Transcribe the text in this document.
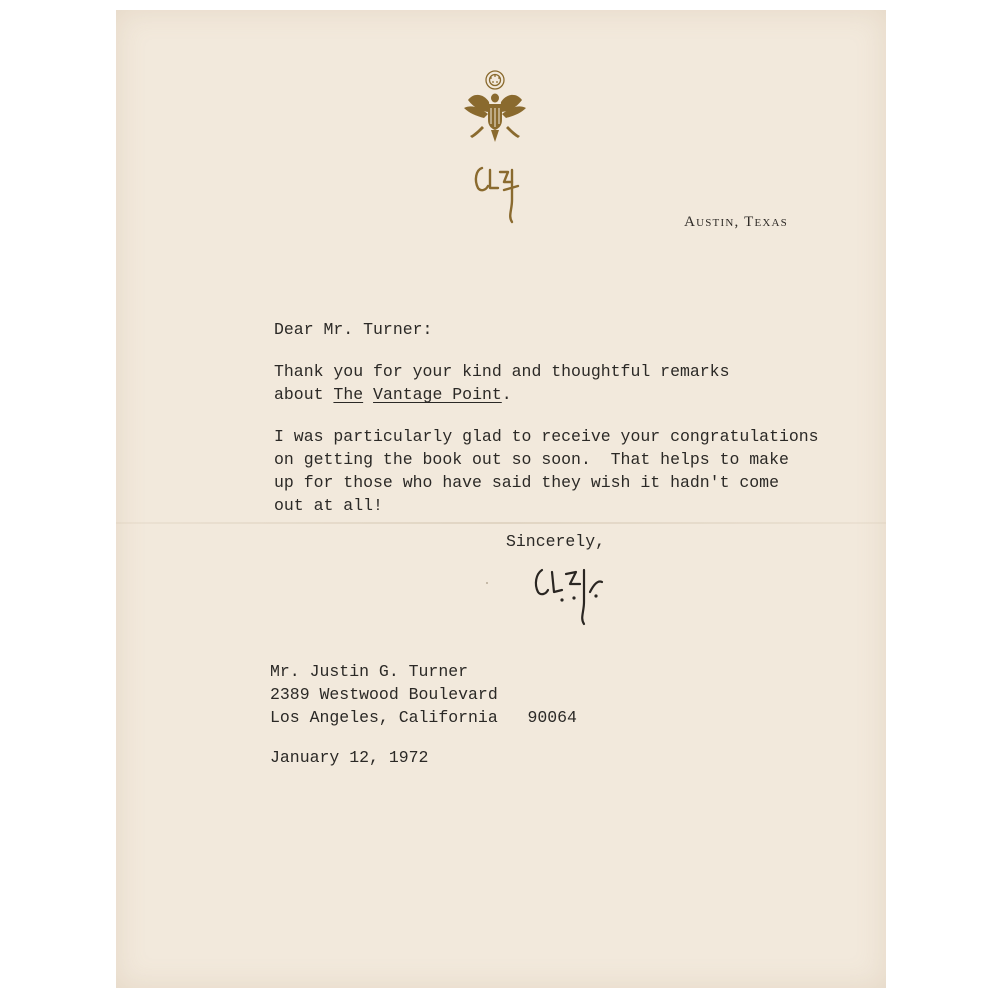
Austin, Texas
Dear Mr. Turner:
Thank you for your kind and thoughtful remarks
about The Vantage Point.
I was particularly glad to receive your congratulations
on getting the book out so soon.  That helps to make
up for those who have said they wish it hadn't come
out at all!
Sincerely,
Mr. Justin G. Turner
2389 Westwood Boulevard
Los Angeles, California   90064
January 12, 1972
